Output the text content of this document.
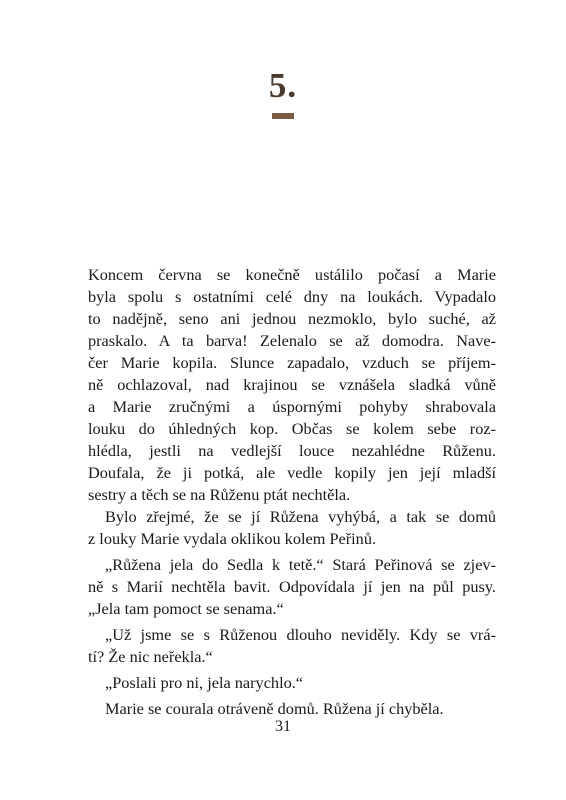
5.
Koncem června se konečně ustálilo počasí a Marie
byla spolu s ostatními celé dny na loukách. Vypadalo
to nadějně, seno ani jednou nezmoklo, bylo suché, až
praskalo. A ta barva! Zelenalo se až domodra. Nave-
čer Marie kopila. Slunce zapadalo, vzduch se příjem-
ně ochlazoval, nad krajinou se vznášela sladká vůně
a Marie zručnými a úspornými pohyby shrabovala
louku do úhledných kop. Občas se kolem sebe roz-
hlédla, jestli na vedlejší louce nezahlédne Růženu.
Doufala, že ji potká, ale vedle kopily jen její mladší
sestry a těch se na Růženu ptát nechtěla.
Bylo zřejmé, že se jí Růžena vyhýbá, a tak se domů
z louky Marie vydala oklikou kolem Peřinů.
„Růžena jela do Sedla k tetě.“ Stará Peřinová se zjev-
ně s Marií nechtěla bavit. Odpovídala jí jen na půl pusy.
„Jela tam pomoct se senama.“
„Už jsme se s Růženou dlouho neviděly. Kdy se vrá-
tí? Že nic neřekla.“
„Poslali pro ni, jela narychlo.“
Marie se courala otráveně domů. Růžena jí chyběla.
31
